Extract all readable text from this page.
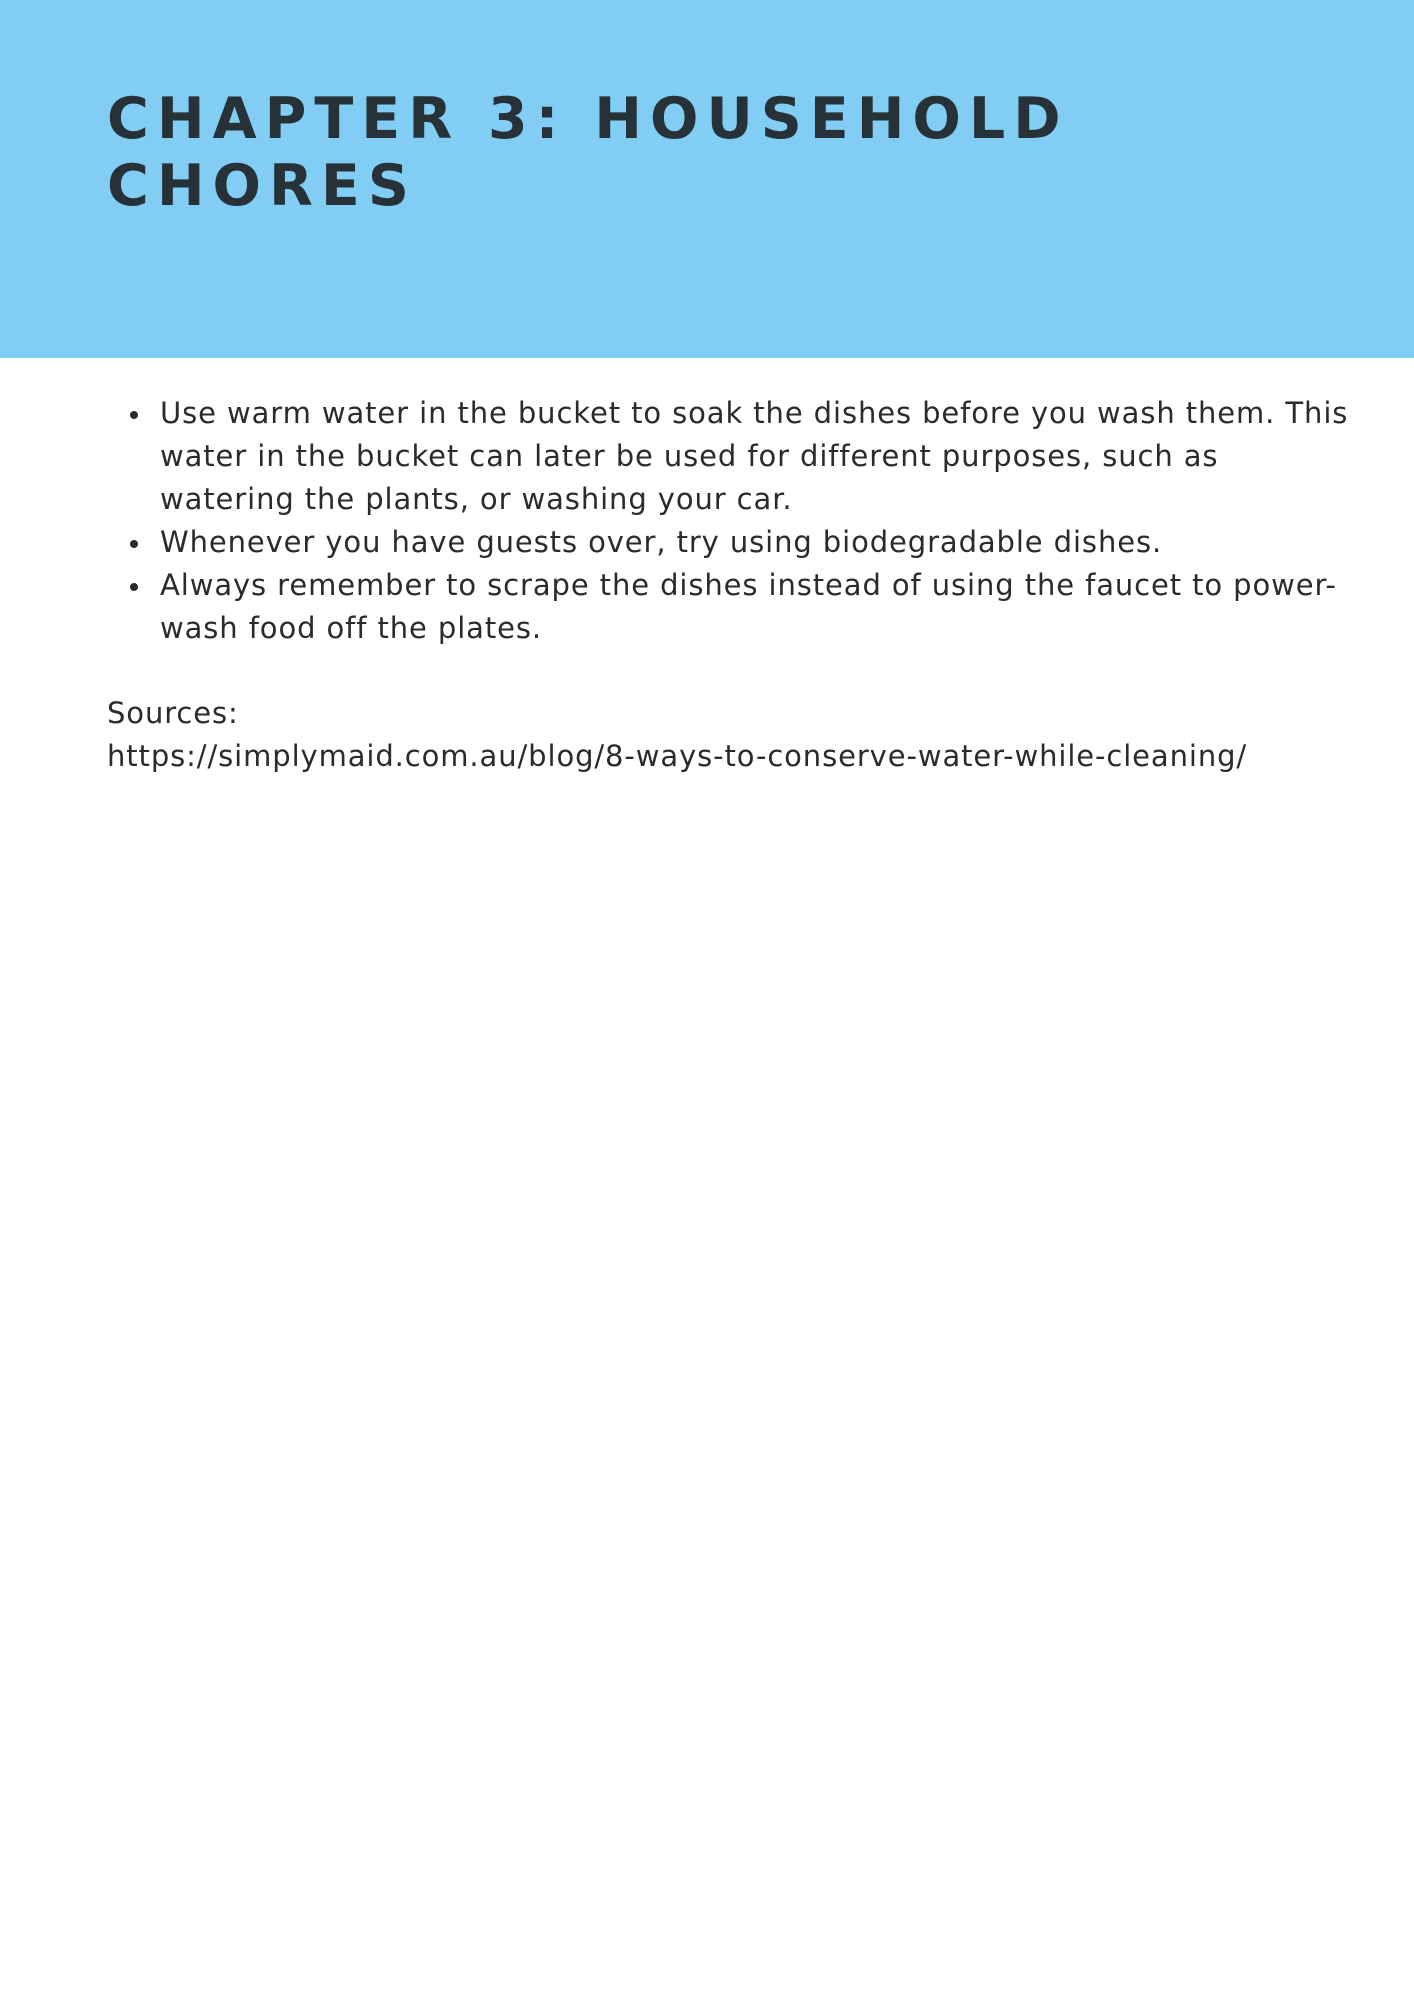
CHAPTER 3: HOUSEHOLD CHORES
Use warm water in the bucket to soak the dishes before you wash them. This water in the bucket can later be used for different purposes, such as watering the plants, or washing your car.
Whenever you have guests over, try using biodegradable dishes.
Always remember to scrape the dishes instead of using the faucet to power-wash food off the plates.
Sources:
https://simplymaid.com.au/blog/8-ways-to-conserve-water-while-cleaning/
